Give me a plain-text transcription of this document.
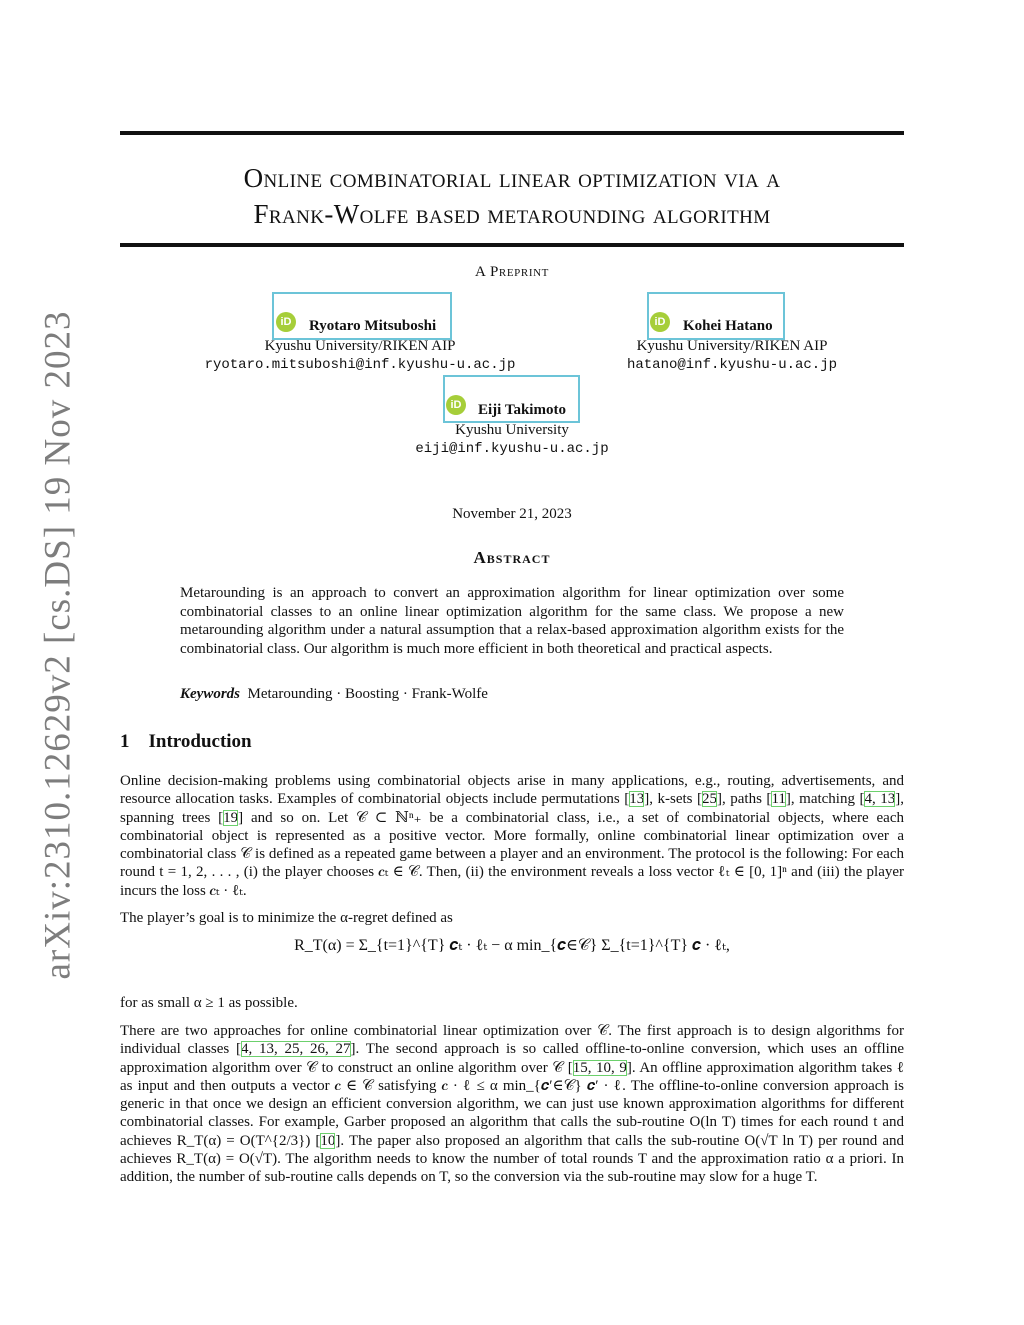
arXiv:2310.12629v2 [cs.DS] 19 Nov 2023
Online combinatorial linear optimization via a
Frank-Wolfe based metarounding algorithm
A Preprint
iD	Ryotaro Mitsuboshi
Kyushu University/RIKEN AIP
ryotaro.mitsuboshi@inf.kyushu-u.ac.jp
iD	Kohei Hatano
Kyushu University/RIKEN AIP
hatano@inf.kyushu-u.ac.jp
iD	Eiji Takimoto
Kyushu University
eiji@inf.kyushu-u.ac.jp
November 21, 2023
Abstract
Metarounding is an approach to convert an approximation algorithm for linear optimization over some combinatorial classes to an online linear optimization algorithm for the same class. We propose a new metarounding algorithm under a natural assumption that a relax-based approximation algorithm exists for the combinatorial class. Our algorithm is much more efficient in both theoretical and practical aspects.
Keywords Metarounding · Boosting · Frank-Wolfe
1 Introduction
Online decision-making problems using combinatorial objects arise in many applications, e.g., routing, advertisements, and resource allocation tasks. Examples of combinatorial objects include permutations [13], k-sets [25], paths [11], matching [4, 13], spanning trees [19] and so on. Let 𝒞 ⊂ ℕⁿ₊ be a combinatorial class, i.e., a set of combinatorial objects, where each combinatorial object is represented as a positive vector. More formally, online combinatorial linear optimization over a combinatorial class 𝒞 is defined as a repeated game between a player and an environment. The protocol is the following: For each round t = 1, 2, . . . , (i) the player chooses 𝒄ₜ ∈ 𝒞. Then, (ii) the environment reveals a loss vector ℓₜ ∈ [0, 1]ⁿ and (iii) the player incurs the loss 𝒄ₜ · ℓₜ.
The player’s goal is to minimize the α-regret defined as
R_T(α) = Σ_{t=1}^{T} 𝒄ₜ · ℓₜ − α min_{𝒄∈𝒞} Σ_{t=1}^{T} 𝒄 · ℓₜ,
for as small α ≥ 1 as possible.
There are two approaches for online combinatorial linear optimization over 𝒞. The first approach is to design algorithms for individual classes [4, 13, 25, 26, 27]. The second approach is so called offline-to-online conversion, which uses an offline approximation algorithm over 𝒞 to construct an online algorithm over 𝒞 [15, 10, 9]. An offline approximation algorithm takes ℓ as input and then outputs a vector 𝒄 ∈ 𝒞 satisfying 𝒄 · ℓ ≤ α min_{𝒄′∈𝒞} 𝒄′ · ℓ. The offline-to-online conversion approach is generic in that once we design an efficient conversion algorithm, we can just use known approximation algorithms for different combinatorial classes. For example, Garber proposed an algorithm that calls the sub-routine O(ln T) times for each round t and achieves R_T(α) = O(T^{2/3}) [10]. The paper also proposed an algorithm that calls the sub-routine O(√T ln T) per round and achieves R_T(α) = O(√T). The algorithm needs to know the number of total rounds T and the approximation ratio α a priori. In addition, the number of sub-routine calls depends on T, so the conversion via the sub-routine may slow for a huge T.
